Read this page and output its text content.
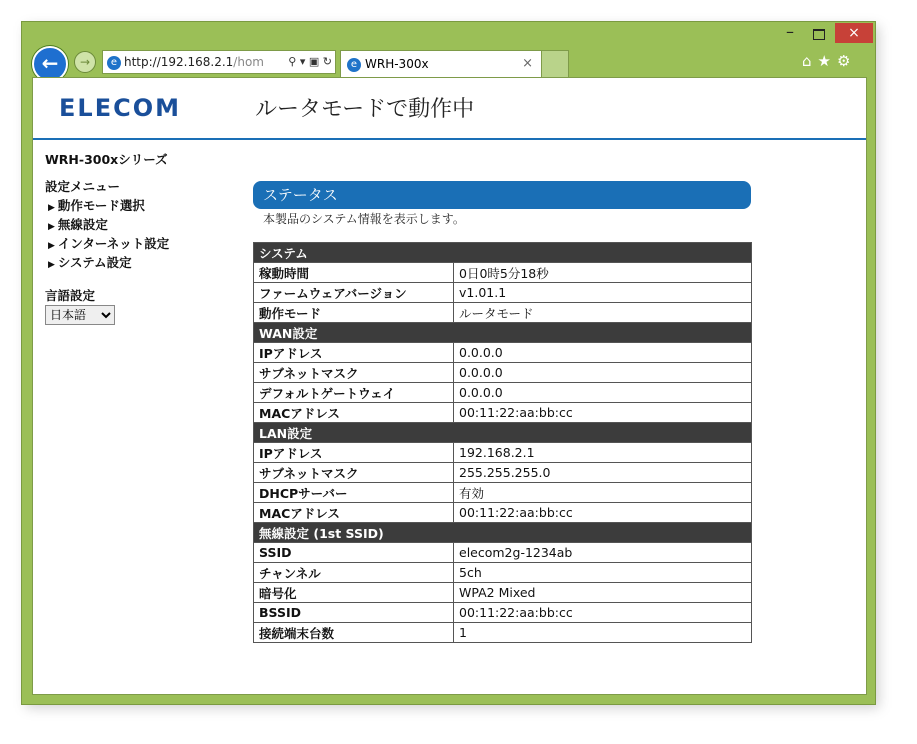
–	×
←	→	e http://192.168.2.1/hom ⚲ ▾ ▣ ↻	e WRH-300x	×	⌂★⚙
ELECOM	ルータモードで動作中
WRH-300xシリーズ
設定メニュー
▶ 動作モード選択
▶ 無線設定
▶ インターネット設定
▶ システム設定
言語設定
日本語
ステータス
本製品のシステム情報を表示します。
システム	
稼動時間	0日0時5分18秒
ファームウェアバージョン	v1.01.1
動作モード	ルータモード
WAN設定	
IPアドレス	0.0.0.0
サブネットマスク	0.0.0.0
デフォルトゲートウェイ	0.0.0.0
MACアドレス	00:11:22:aa:bb:cc
LAN設定	
IPアドレス	192.168.2.1
サブネットマスク	255.255.255.0
DHCPサーバー	有効
MACアドレス	00:11:22:aa:bb:cc
無線設定 (1st SSID)	
SSID	elecom2g-1234ab
チャンネル	5ch
暗号化	WPA2 Mixed
BSSID	00:11:22:aa:bb:cc
接続端末台数	1
